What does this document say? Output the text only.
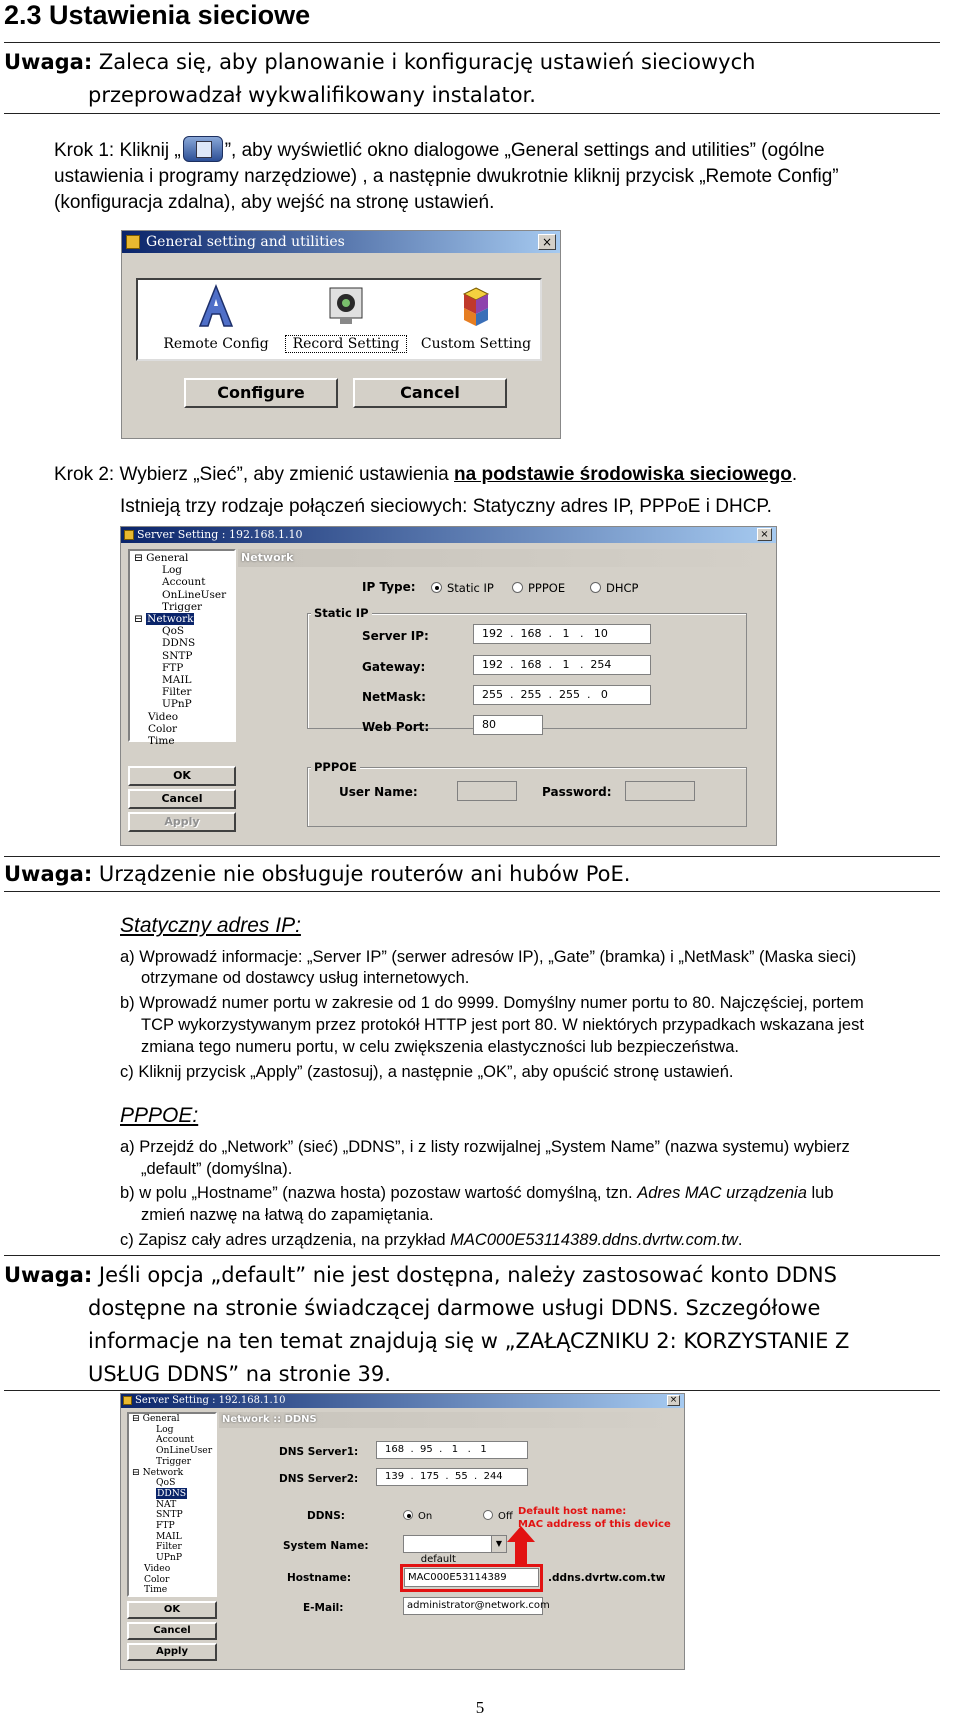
2.3 Ustawienia sieciowe
Uwaga: Zaleca się, aby planowanie i konfigurację ustawień sieciowych
przeprowadzał wykwalifikowany instalator.
Krok 1: Kliknij „ ”, aby wyświetlić okno dialogowe „General settings and utilities” (ogólne
ustawienia i programy narzędziowe) , a następnie dwukrotnie kliknij przycisk „Remote Config”
(konfiguracja zdalna), aby wejść na stronę ustawień.
General setting and utilities	×
Remote Config	Record Setting	Custom Setting
Configure	Cancel
Krok 2: Wybierz „Sieć”, aby zmienić ustawienia na podstawie środowiska sieciowego.
Istnieją trzy rodzaje połączeń sieciowych: Statyczny adres IP, PPPoE i DHCP.
Server Setting : 192.168.1.10	×
⊟ General
Log
Account
OnLineUser
Trigger
⊟ Network
QoS
DDNS
SNTP
FTP
MAIL
Filter
UPnP
Video
Color
Time
OK
Cancel
Apply
Network
IP Type:	Static IP	PPPOE	DHCP
Static IP
Server IP:	192  .  168  .   1   .   10
Gateway:	192  .  168  .   1   .  254
NetMask:	255  .  255  .  255  .   0
Web Port:	80
PPPOE
User Name:	Password:
Uwaga: Urządzenie nie obsługuje routerów ani hubów PoE.
Statyczny adres IP:
a) Wprowadź informacje: „Server IP” (serwer adresów IP), „Gate” (bramka) i „NetMask” (Maska sieci)
otrzymane od dostawcy usług internetowych.
b) Wprowadź numer portu w zakresie od 1 do 9999. Domyślny numer portu to 80. Najczęściej, portem
TCP wykorzystywanym przez protokół HTTP jest port 80. W niektórych przypadkach wskazana jest
zmiana tego numeru portu, w celu zwiększenia elastyczności lub bezpieczeństwa.
c) Kliknij przycisk „Apply” (zastosuj), a następnie „OK”, aby opuścić stronę ustawień.
PPPOE:
a) Przejdź do „Network” (sieć) „DDNS”, i z listy rozwijalnej „System Name” (nazwa systemu) wybierz
„default” (domyślna).
b) w polu „Hostname” (nazwa hosta) pozostaw wartość domyślną, tzn. Adres MAC urządzenia lub
zmień nazwę na łatwą do zapamiętania.
c) Zapisz cały adres urządzenia, na przykład MAC000E53114389.ddns.dvrtw.com.tw.
Uwaga: Jeśli opcja „default” nie jest dostępna, należy zastosować konto DDNS
dostępne na stronie świadczącej darmowe usługi DDNS. Szczegółowe
informacje na ten temat znajdują się w „ZAŁĄCZNIKU 2: KORZYSTANIE Z
USŁUG DDNS” na stronie 39.
Server Setting : 192.168.1.10	×
⊟ General
Log
Account
OnLineUser
Trigger
⊟ Network
QoS
DDNS
NAT
SNTP
FTP
MAIL
Filter
UPnP
Video
Color
Time
OK
Cancel
Apply
Network :: DDNS
DNS Server1:	168  .  95  .   1   .   1
DNS Server2:	139  .  175  .  55  .  244
DDNS:	On	Off
System Name:

default

▼

Hostname:	MAC000E53114389	.ddns.dvrtw.com.tw
E-Mail:	administrator@network.com
Default host name:
MAC address of this device
5
